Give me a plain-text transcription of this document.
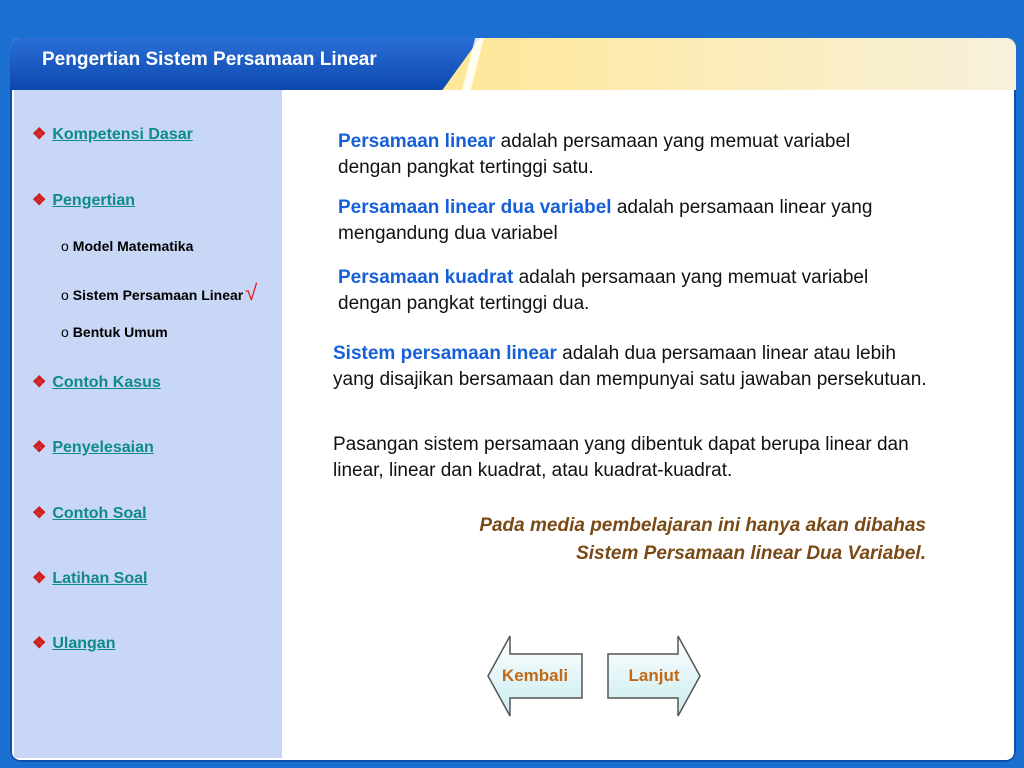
Pengertian Sistem Persamaan Linear
❖ Kompetensi Dasar
❖ Pengertian
o Model Matematika
o Sistem Persamaan Linear√
o Bentuk Umum
❖ Contoh Kasus
❖ Penyelesaian
❖ Contoh Soal
❖ Latihan Soal
❖ Ulangan
Persamaan linear adalah persamaan yang memuat variabel dengan pangkat tertinggi satu.
Persamaan linear dua variabel adalah persamaan linear yang mengandung dua variabel
Persamaan kuadrat adalah persamaan yang memuat variabel dengan pangkat tertinggi dua.
Sistem persamaan linear adalah dua persamaan linear atau lebih yang disajikan bersamaan dan mempunyai satu jawaban persekutuan.
Pasangan sistem persamaan yang dibentuk dapat berupa linear dan linear, linear dan kuadrat, atau kuadrat-kuadrat.
Pada media pembelajaran ini hanya akan dibahas
Sistem Persamaan linear Dua Variabel.
Kembali	Lanjut
